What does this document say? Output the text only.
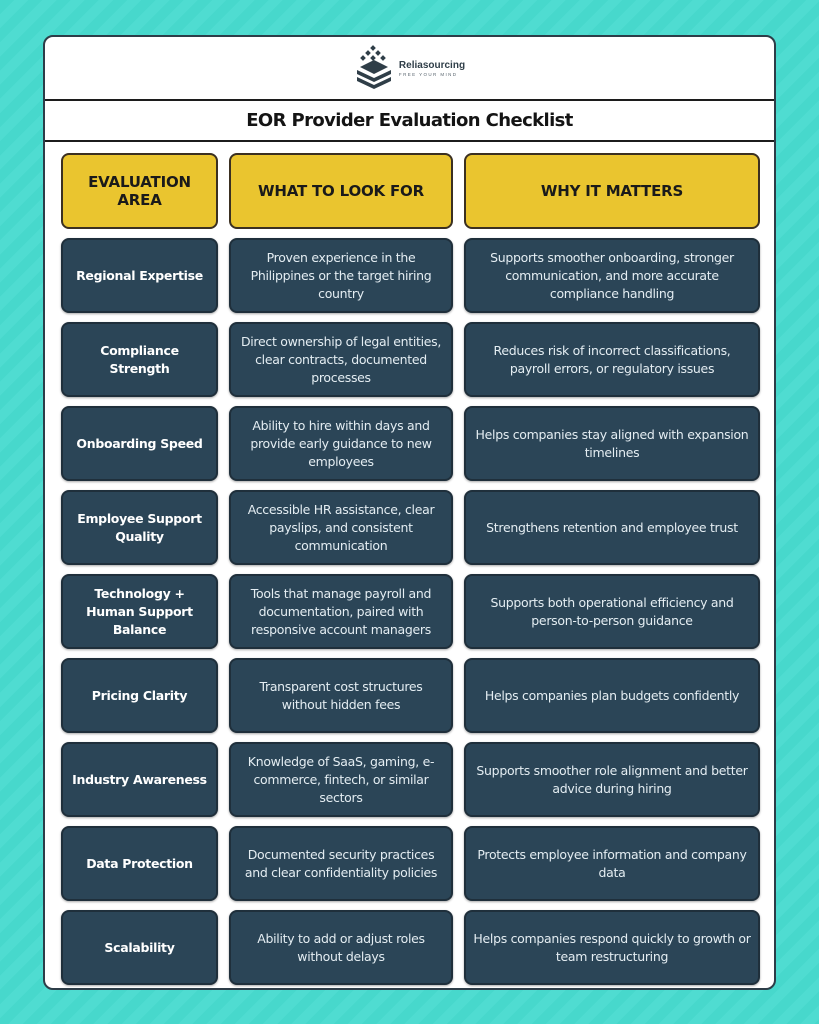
Reliasourcing
FREE YOUR MIND
EOR Provider Evaluation Checklist
EVALUATION AREA	WHAT TO LOOK FOR	WHY IT MATTERS
Regional Expertise
Proven experience in the Philippines or the target hiring country
Supports smoother onboarding, stronger communication, and more accurate compliance handling
Compliance Strength
Direct ownership of legal entities, clear contracts, documented processes
Reduces risk of incorrect classifications, payroll errors, or regulatory issues
Onboarding Speed
Ability to hire within days and provide early guidance to new employees
Helps companies stay aligned with expansion timelines
Employee Support Quality
Accessible HR assistance, clear payslips, and consistent communication
Strengthens retention and employee trust
Technology + Human Support Balance
Tools that manage payroll and documentation, paired with responsive account managers
Supports both operational efficiency and person-to-person guidance
Pricing Clarity
Transparent cost structures without hidden fees
Helps companies plan budgets confidently
Industry Awareness
Knowledge of SaaS, gaming, e-commerce, fintech, or similar sectors
Supports smoother role alignment and better advice during hiring
Data Protection
Documented security practices and clear confidentiality policies
Protects employee information and company data
Scalability
Ability to add or adjust roles without delays
Helps companies respond quickly to growth or team restructuring
